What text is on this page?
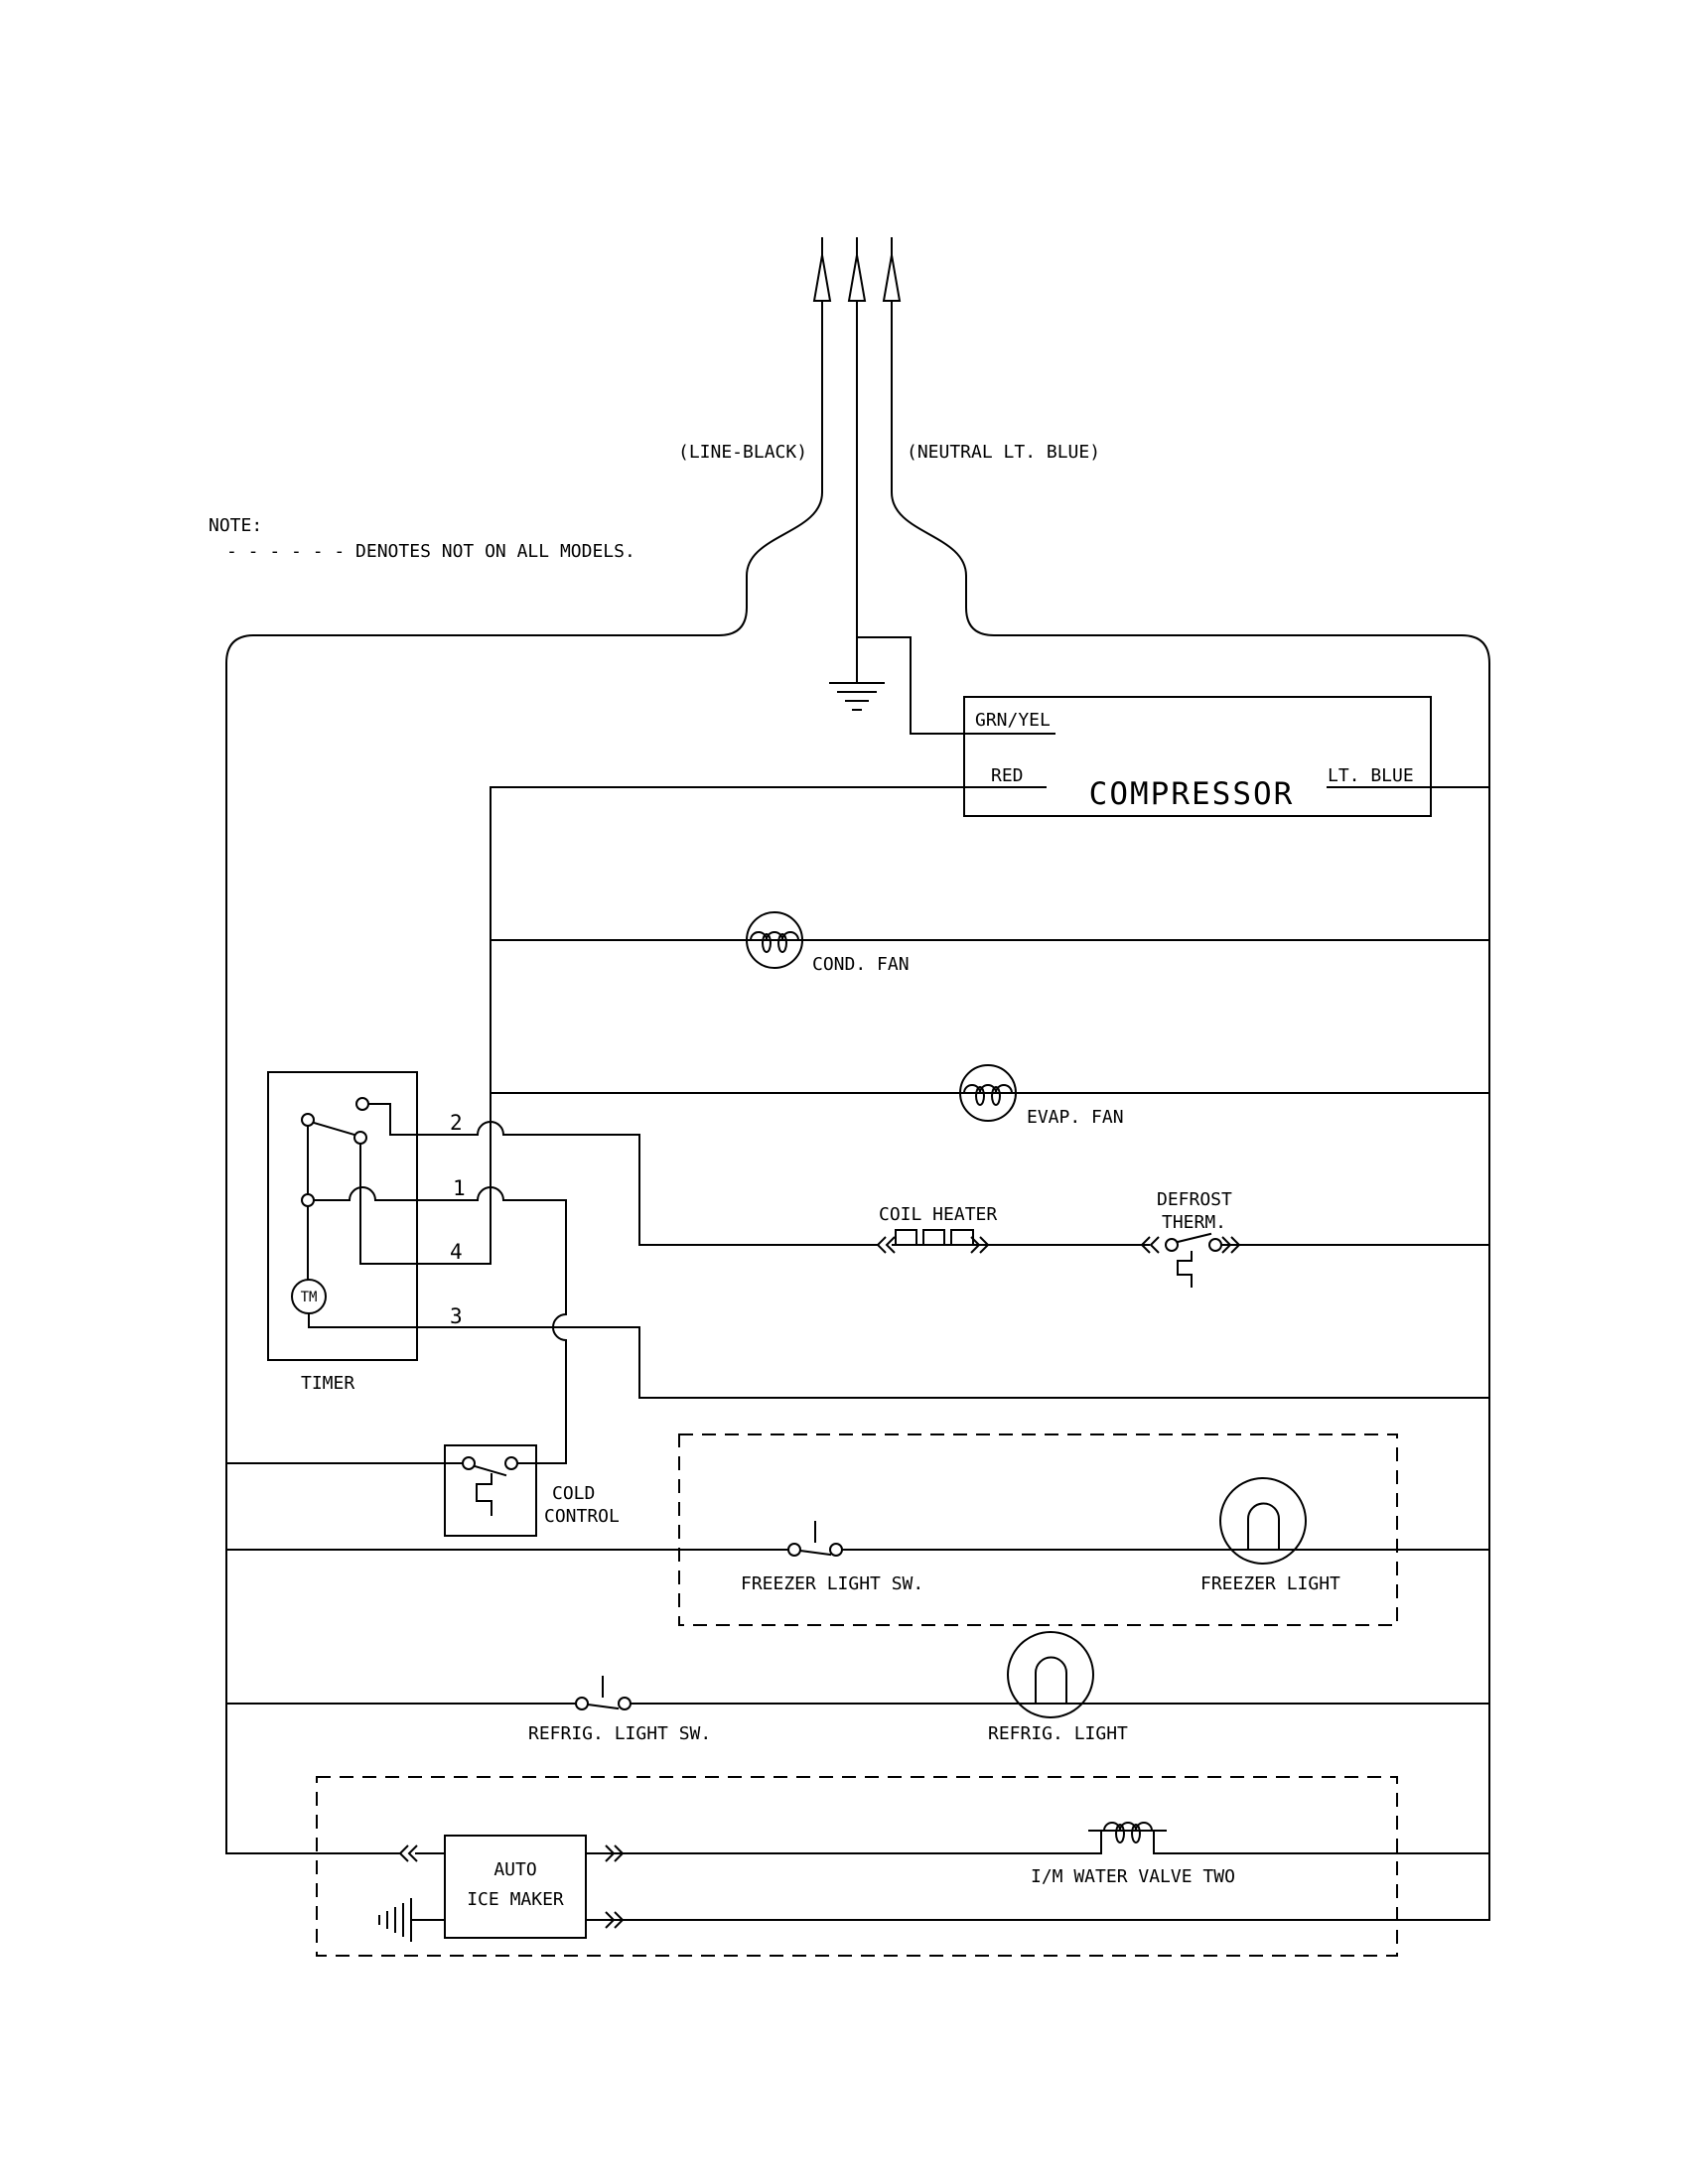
GRN/YEL
RED
COMPRESSOR
LT. BLUE
COND. FAN
EVAP. FAN
TM
2
1
4
3
TIMER
COIL HEATER
DEFROST
THERM.
COLD
CONTROL
FREEZER LIGHT SW.	FREEZER LIGHT
REFRIG. LIGHT SW.	REFRIG. LIGHT
AUTO
ICE MAKER
I/M WATER VALVE TWO
NOTE:
- - - - - - DENOTES NOT ON ALL MODELS.
(LINE-BLACK)	(NEUTRAL LT. BLUE)
